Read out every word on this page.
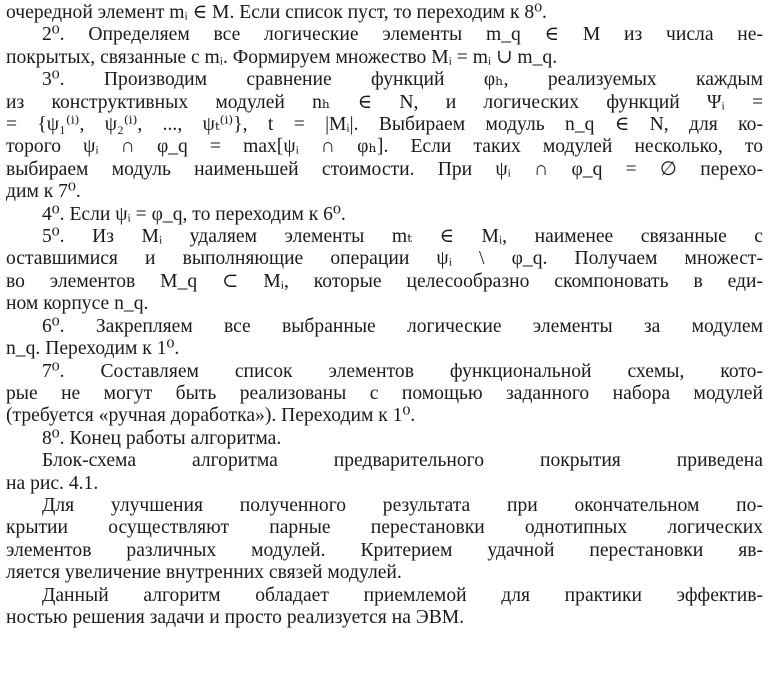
очередной элемент mᵢ ∈ M. Если список пуст, то переходим к 8⁰.
2⁰. Определяем все логические элементы m_q ∈ M из числа не-
покрытых, связанные с mᵢ. Формируем множество Mᵢ = mᵢ ∪ m_q.
3⁰. Производим сравнение функций φₕ, реализуемых каждым
из конструктивных модулей nₕ ∈ N, и логических функций Ψᵢ =
= {ψ₁⁽ⁱ⁾, ψ₂⁽ⁱ⁾, ..., ψₜ⁽ⁱ⁾}, t = |Mᵢ|. Выбираем модуль n_q ∈ N, для ко-
торого ψᵢ ∩ φ_q = max[ψᵢ ∩ φₕ]. Если таких модулей несколько, то
выбираем модуль наименьшей стоимости. При ψᵢ ∩ φ_q = ∅ перехо-
дим к 7⁰.
4⁰. Если ψᵢ = φ_q, то переходим к 6⁰.
5⁰. Из Mᵢ удаляем элементы mₜ ∈ Mᵢ, наименее связанные с
оставшимися и выполняющие операции ψᵢ \ φ_q. Получаем множест-
во элементов M_q ⊂ Mᵢ, которые целесообразно скомпоновать в еди-
ном корпусе n_q.
6⁰. Закрепляем все выбранные логические элементы за модулем
n_q. Переходим к 1⁰.
7⁰. Составляем список элементов функциональной схемы, кото-
рые не могут быть реализованы с помощью заданного набора модулей
(требуется «ручная доработка»). Переходим к 1⁰.
8⁰. Конец работы алгоритма.
Блок-схема алгоритма предварительного покрытия приведена
на рис. 4.1.
Для улучшения полученного результата при окончательном по-
крытии осуществляют парные перестановки однотипных логических
элементов различных модулей. Критерием удачной перестановки яв-
ляется увеличение внутренних связей модулей.
Данный алгоритм обладает приемлемой для практики эффектив-
ностью решения задачи и просто реализуется на ЭВМ.
